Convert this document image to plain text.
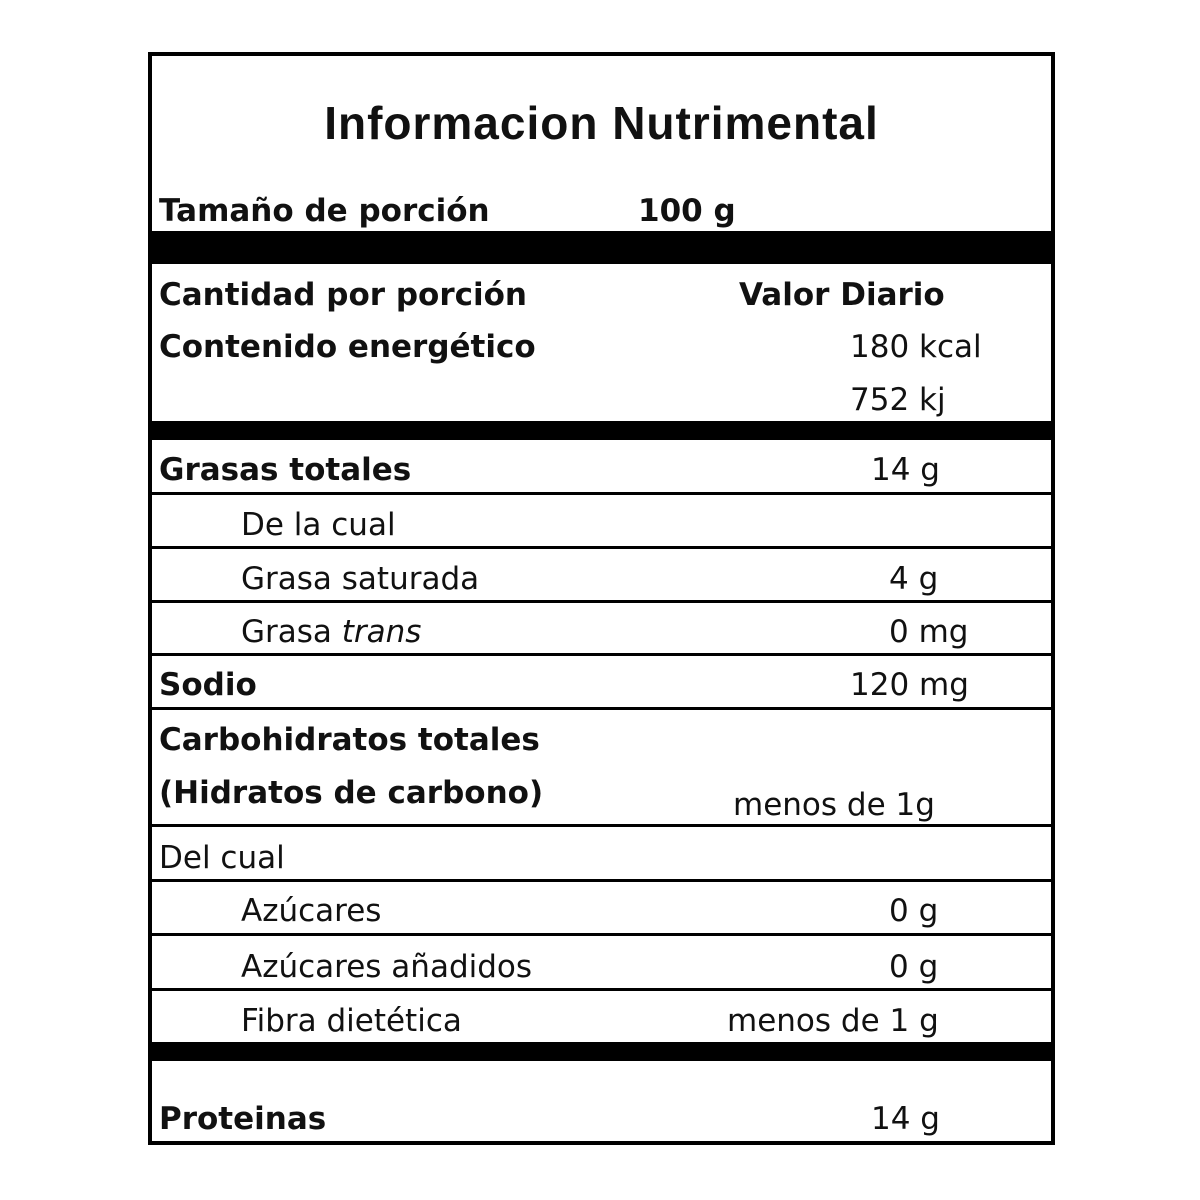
Informacion Nutrimental
Tamaño de porción	100 g
Cantidad por porción	Valor Diario
Contenido energético	180 kcal
752 kj
Grasas totales	14 g
De la cual
Grasa saturada	4 g
Grasa trans	0 mg
Sodio	120 mg
Carbohidratos totales
(Hidratos de carbono)	menos de 1g
Del cual
Azúcares	0 g
Azúcares añadidos	0 g
Fibra dietética	menos de 1 g
Proteinas	14 g
